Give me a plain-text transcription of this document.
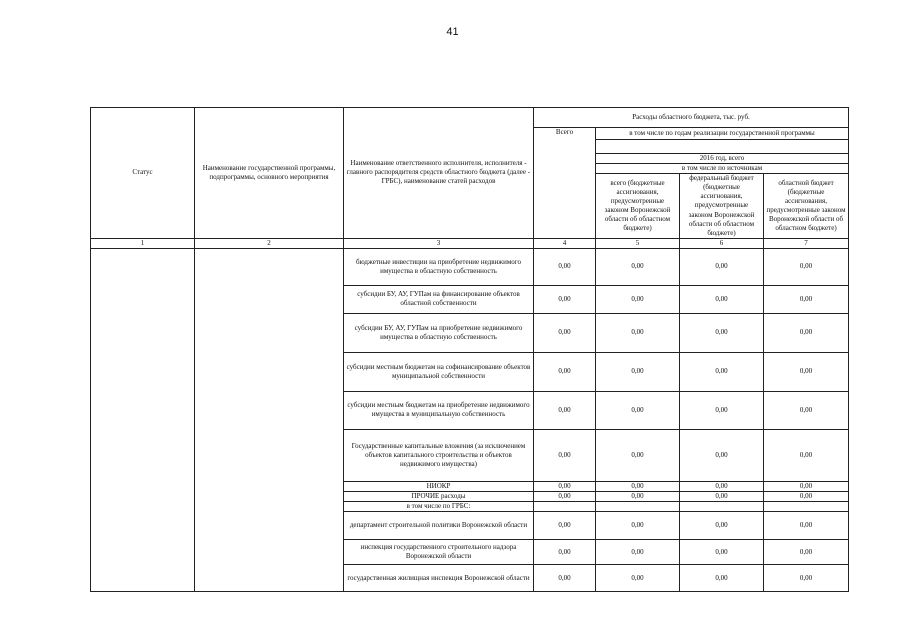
41
Статус	Наименование государственной программы, подпрограммы, основного мероприятия	Наименование ответственного исполнителя, исполнителя - главного распорядителя средств областного бюджета (далее - ГРБС), наименование статей расходов	Расходы областного бюджета, тыс. руб.			
			Всего	в том числе по годам реализации государственной программы		

				2016 год, всего		
				в том числе по источникам		
				всего (бюджетные ассигнования, предусмотренные законом Воронежской области об областном бюджете)	федеральный бюджет (бюджетные ассигнования, предусмотренные законом Воронежской области об областном бюджете)	областной бюджет (бюджетные ассигнования, предусмотренные законом Воронежской области об областном бюджете)
1	2	3	4	5	6	7
		бюджетные инвестиции на приобретение недвижимого имущества в областную собственность	0,00	0,00	0,00	0,00
		субсидии БУ, АУ, ГУПам на финансирование объектов областной собственности	0,00	0,00	0,00	0,00
		субсидии БУ, АУ, ГУПам на приобретение недвижимого имущества в областную собственность	0,00	0,00	0,00	0,00
		субсидии местным бюджетам на софинансирование объектов муниципальной собственности	0,00	0,00	0,00	0,00
		субсидии местным бюджетам на приобретение недвижимого имущества в муниципальную собственность	0,00	0,00	0,00	0,00
		Государственные капитальные вложения (за исключением объектов капитального строительства и объектов недвижимого имущества)	0,00	0,00	0,00	0,00
		НИОКР	0,00	0,00	0,00	0,00
		ПРОЧИЕ расходы	0,00	0,00	0,00	0,00
		в том числе по ГРБС:				
		департамент строительной политики Воронежской области	0,00	0,00	0,00	0,00
		инспекция государственного строительного надзора Воронежской области	0,00	0,00	0,00	0,00
		государственная жилищная инспекция Воронежской области	0,00	0,00	0,00	0,00
